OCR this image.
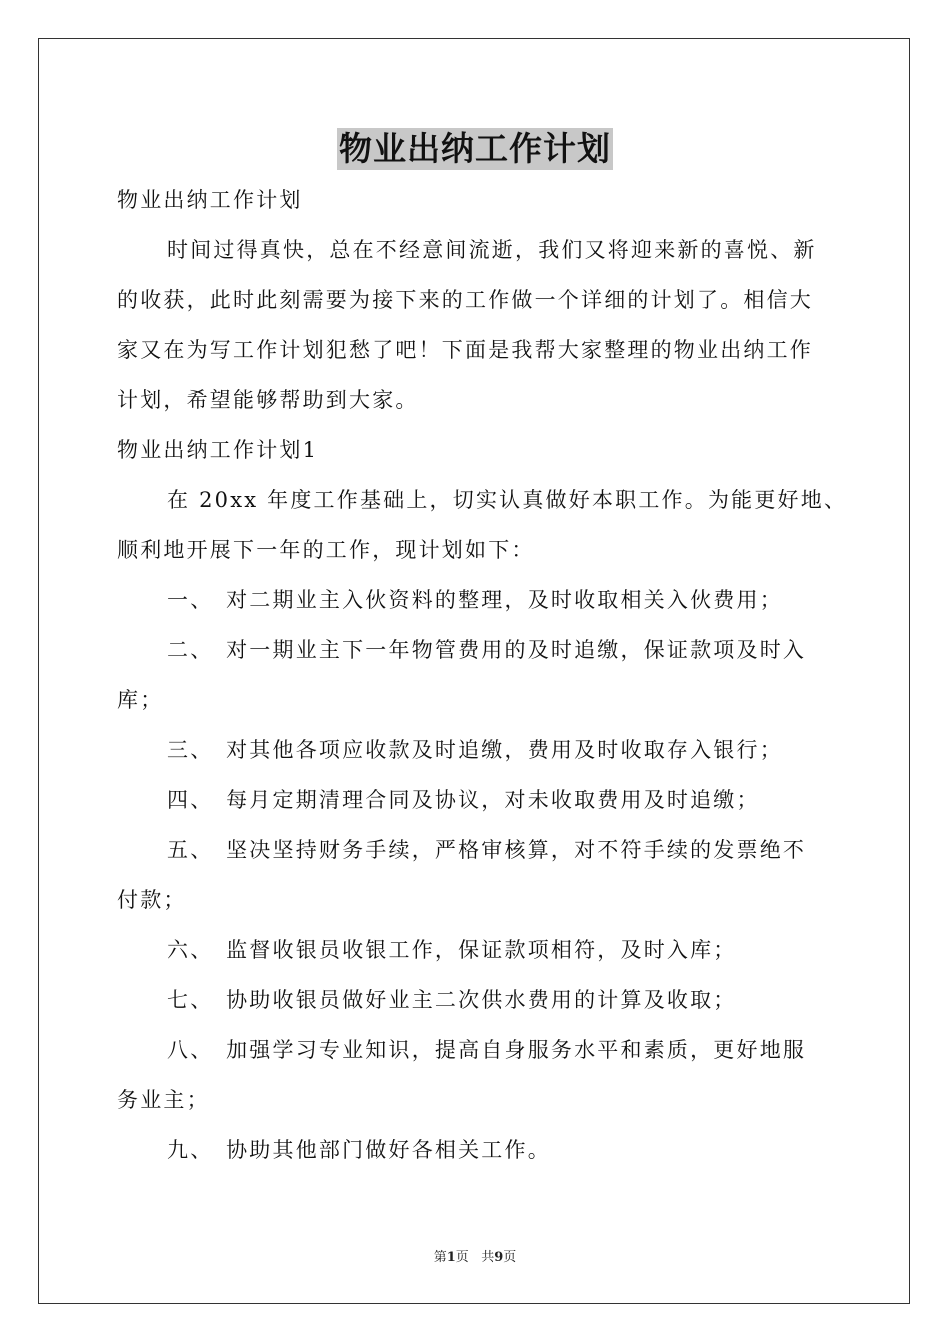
物业出纳工作计划
物业出纳工作计划
时间过得真快，总在不经意间流逝，我们又将迎来新的喜悦、新
的收获，此时此刻需要为接下来的工作做一个详细的计划了。相信大
家又在为写工作计划犯愁了吧！下面是我帮大家整理的物业出纳工作
计划，希望能够帮助到大家。
物业出纳工作计划1
在 20xx 年度工作基础上，切实认真做好本职工作。为能更好地、
顺利地开展下一年的工作，现计划如下：
一、　对二期业主入伙资料的整理，及时收取相关入伙费用；
二、　对一期业主下一年物管费用的及时追缴，保证款项及时入
库；
三、　对其他各项应收款及时追缴，费用及时收取存入银行；
四、　每月定期清理合同及协议，对未收取费用及时追缴；
五、　坚决坚持财务手续，严格审核算，对不符手续的发票绝不
付款；
六、　监督收银员收银工作，保证款项相符，及时入库；
七、　协助收银员做好业主二次供水费用的计算及收取；
八、　加强学习专业知识，提高自身服务水平和素质，更好地服
务业主；
九、　协助其他部门做好各相关工作。
第1页 共9页
